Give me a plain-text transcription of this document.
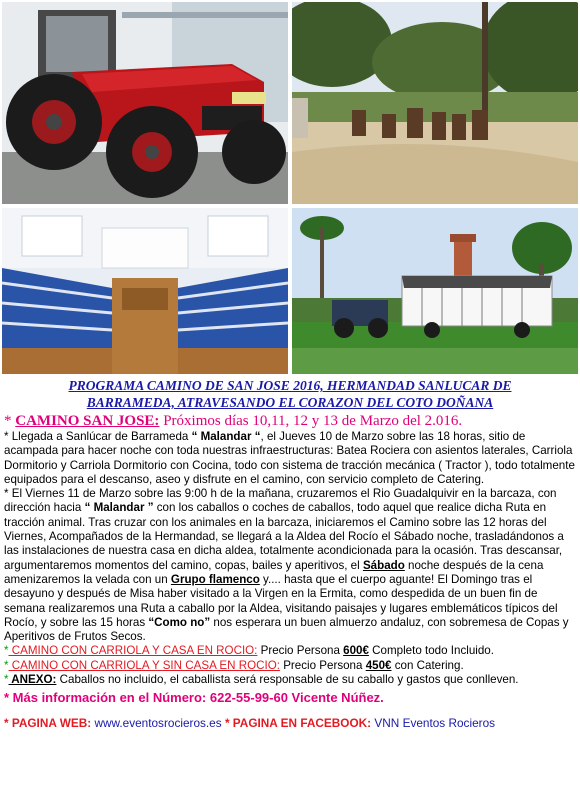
PROGRAMA CAMINO DE SAN JOSE 2016, HERMANDAD SANLUCAR DE
BARRAMEDA, ATRAVESANDO EL CORAZON DEL COTO DOÑANA
* CAMINO SAN JOSE: Próximos días 10,11, 12 y 13 de Marzo del 2.016.

* Llegada a Sanlúcar de Barrameda “ Malandar “, el Jueves 10 de Marzo sobre las 18 horas, sitio de acampada para hacer noche con toda nuestras infraestructuras: Batea Rociera con asientos laterales, Carriola Dormitorio y Carriola Dormitorio con Cocina, todo con sistema de tracción mecánica ( Tractor ), todo totalmente equipados para el descanso, aseo y disfrute en el camino, con servicio completo de Catering.

* El Viernes 11 de Marzo sobre las 9:00 h de la mañana, cruzaremos el Rio Guadalquivir en la barcaza, con dirección hacia “ Malandar ” con los caballos o coches de caballos, todo aquel que realice dicha Ruta en tracción animal. Tras cruzar con los animales en la barcaza, iniciaremos el Camino sobre las 12 horas del Viernes, Acompañados de la Hermandad, se llegará a la Aldea del Rocío el Sábado noche, trasladándonos a las instalaciones de nuestra casa en dicha aldea, totalmente acondicionada para la ocasión. Tras descansar, argumentaremos momentos del camino, copas, bailes y aperitivos, el Sábado noche después de la cena amenizaremos la velada con un Grupo flamenco y.... hasta que el cuerpo aguante! El Domingo tras el desayuno y después de Misa haber visitado a la Virgen en la Ermita, como despedida de un buen fin de semana realizaremos una Ruta a caballo por la Aldea, visitando paisajes y lugares emblemáticos típicos del Rocío, y sobre las 15 horas “Como no” nos esperara un buen almuerzo andaluz, con sobremesa de Copas y Aperitivos de Frutos Secos.

* CAMINO CON CARRIOLA Y CASA EN ROCIO: Precio Persona 600€ Completo todo Incluido.
* CAMINO CON CARRIOLA Y SIN CASA EN ROCIO: Precio Persona 450€ con Catering.
* ANEXO: Caballos no incluido, el caballista será responsable de su caballo y gastos que conlleven.
* Más información en el Número: 622-55-99-60 Vicente Núñez.
* PAGINA WEB: www.eventosrocieros.es * PAGINA EN FACEBOOK: VNN Eventos Rocieros
